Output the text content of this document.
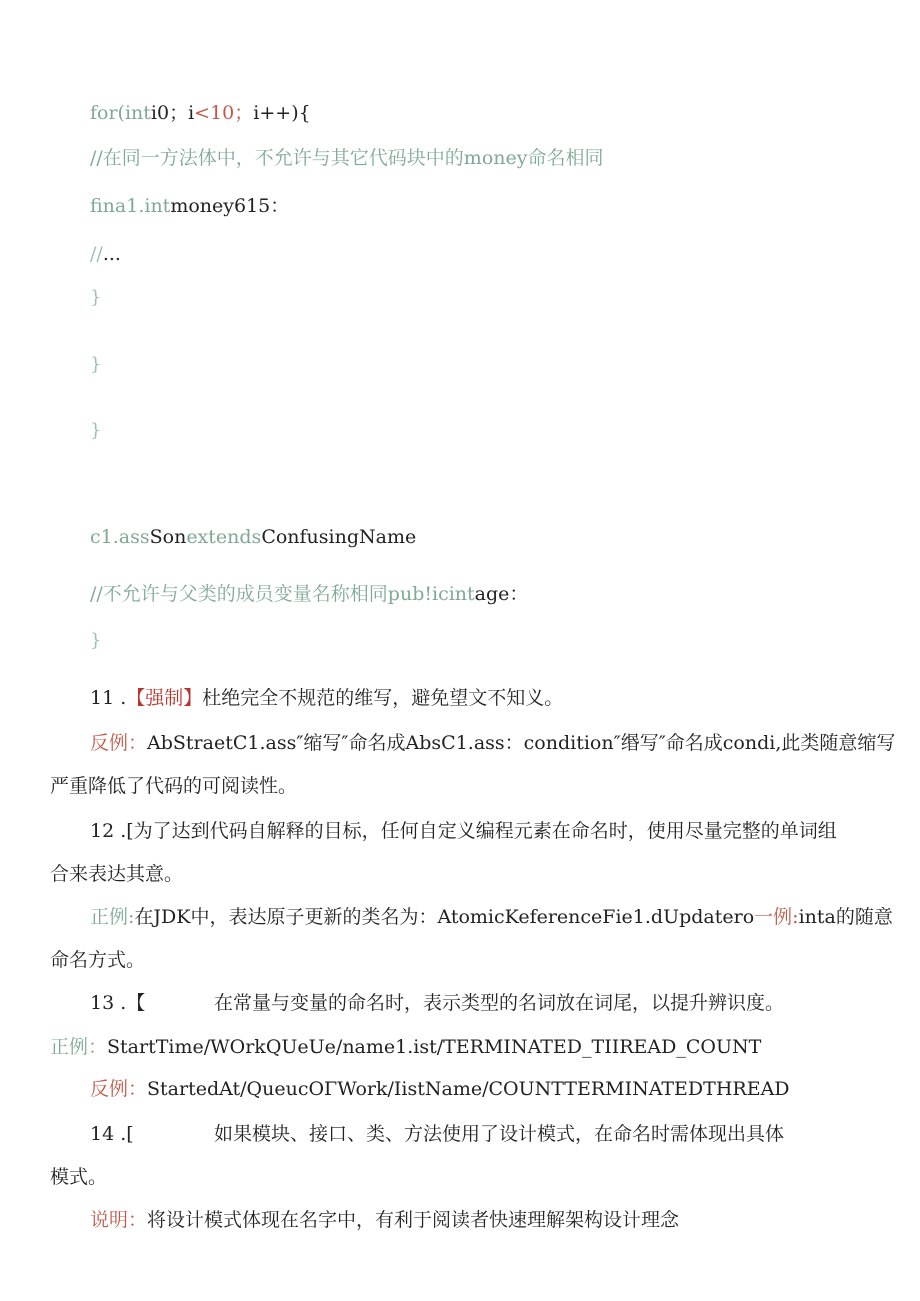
for(inti0；i<10；i++){
//在同一方法体中，不允许与其它代码块中的money命名相同
fina1.intmoney615：
//...
}
}
}
c1.assSonextendsConfusingName
//不允许与父类的成员变量名称相同pub!icintage：
}
11 .【强制】杜绝完全不规范的维写，避免望文不知义。
反例：AbStraetC1.ass″缩写″命名成AbsC1.ass：condition″缗写″命名成condi,此类随意缩写
严重降低了代码的可阅读性。
12 .[为了达到代码自解释的目标，任何自定义编程元素在命名时，使用尽量完整的单词组
合来表达其意。
正例:在JDK中，表达原子更新的类名为：AtomicKeferenceFie1.dUpdatero一例:inta的随意
命名方式。
13 .【	在常量与变量的命名时，表示类型的名词放在词尾，以提升辨识度。
正例：StartTime/WOrkQUeUe/name1.ist/TERMINATED_TIIREAD_COUNT
反例：StartedAt/QueucOΓWork/IistName/COUNTTERMINATEDTHREAD
14 .[	如果模块、接口、类、方法使用了设计模式，在命名时需体现出具体
模式。
说明：将设计模式体现在名字中，有利于阅读者快速理解架构设计理念
